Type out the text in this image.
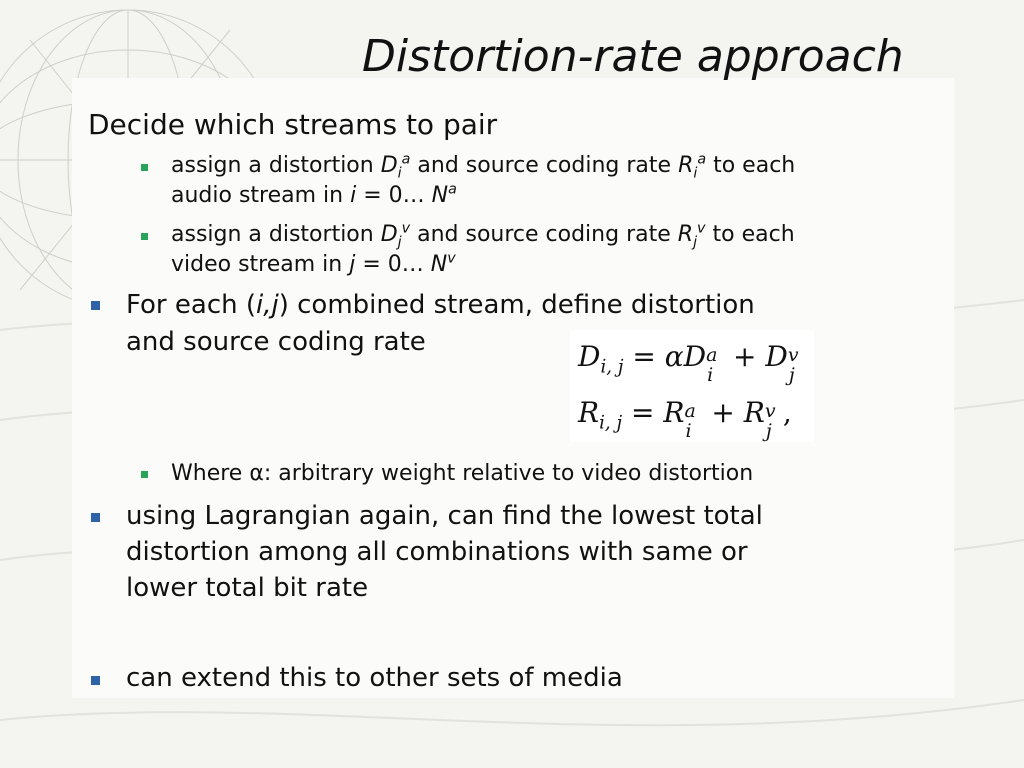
Distortion-rate approach
Decide which streams to pair
assign a distortion $D_i^a$ and source coding rate $R_i^a$ to each
audio stream in i = 0… $N^a$
assign a distortion $D_j^v$ and source coding rate $R_j^v$ to each
video stream in j = 0… $N^v$
For each (i,j) combined stream, define distortion
and source coding rate	$D_{i, j} = \alpha D$ a
i
+ D v
j
$R_{i, j} = R$ a
i
+ R v
j
,
Where α: arbitrary weight relative to video distortion
using Lagrangian again, can find the lowest total
distortion among all combinations with same or
lower total bit rate
can extend this to other sets of media
